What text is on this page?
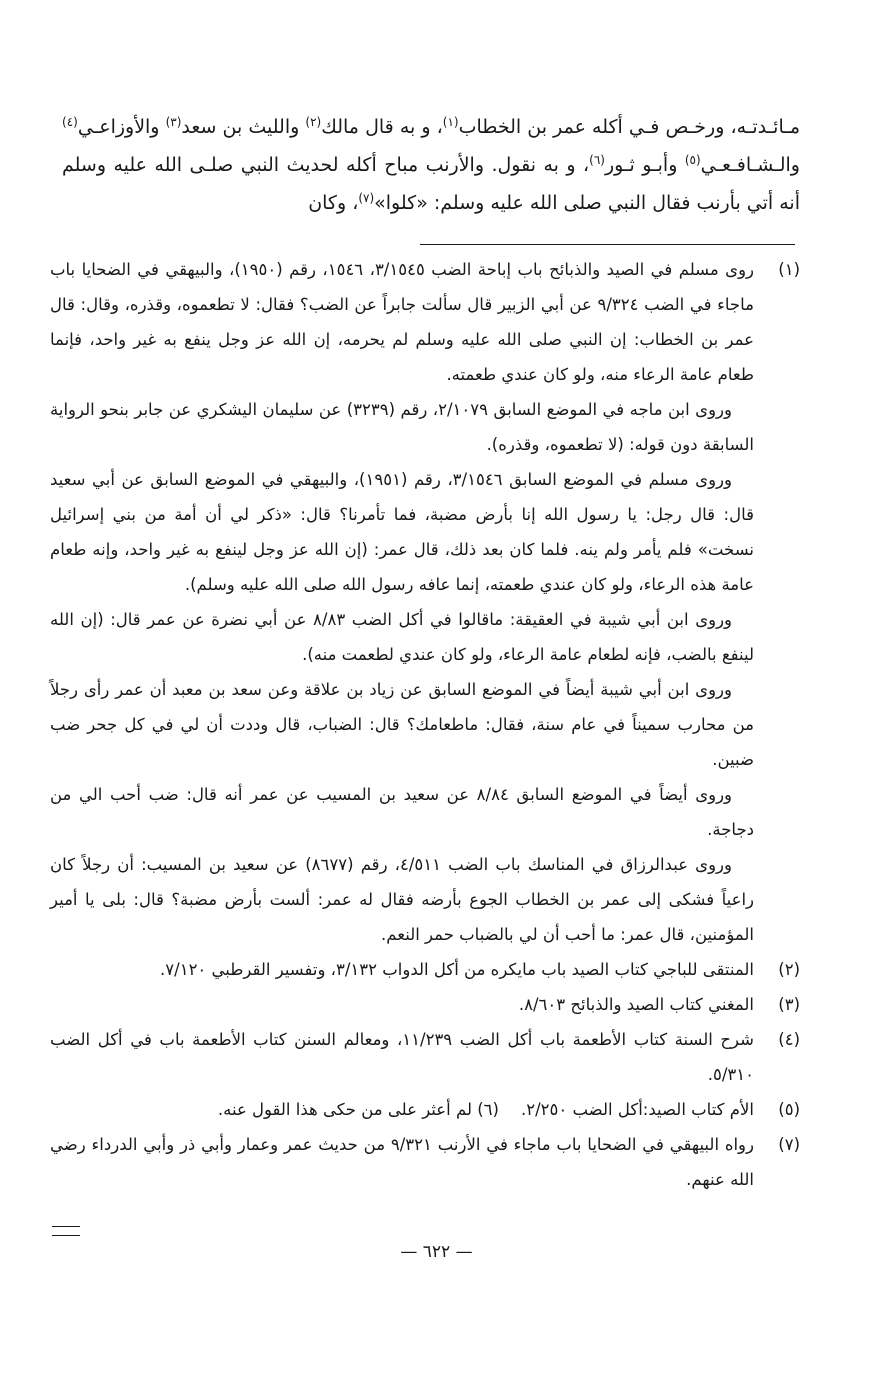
مـائـدتـه، ورخـص فـي أكله عمر بن الخطاب$^{(١)}$، و به قال مالك$^{(٢)}$ والليث بن سعد$^{(٣)}$ والأوزاعـي$^{(٤)}$ والـشـافـعـي$^{(٥)}$ وأبـو ثـور$^{(٦)}$، و به نقول. والأرنب مباح أكله لحديث النبي صلـى الله عليه وسلم أنه أتي بأرنب فقال النبي صلى الله عليه وسلم: «كلوا»$^{(٧)}$، وكان

(١)

روى مسلم في الصيد والذبائح باب إباحة الضب ٣/١٥٤٥، ١٥٤٦، رقم (١٩٥٠)، والبيهقي في الضحايا باب ماجاء في الضب ٩/٣٢٤ عن أبي الزبير قال سألت جابراً عن الضب؟ فقال: لا تطعموه، وقذره، وقال: قال عمر بن الخطاب: إن النبي صلى الله عليه وسلم لم يحرمه، إن الله عز وجل ينفع به غير واحد، فإنما طعام عامة الرعاء منه، ولو كان عندي طعمته.

وروى ابن ماجه في الموضع السابق ٢/١٠٧٩، رقم (٣٢٣٩) عن سليمان اليشكري عن جابر بنحو الرواية السابقة دون قوله: (لا تطعموه، وقذره).

وروى مسلم في الموضع السابق ٣/١٥٤٦، رقم (١٩٥١)، والبيهقي في الموضع السابق عن أبي سعيد قال: قال رجل: يا رسول الله إنا بأرض مضبة، فما تأمرنا؟ قال: «ذكر لي أن أمة من بني إسرائيل نسخت» فلم يأمر ولم ينه. فلما كان بعد ذلك، قال عمر: (إن الله عز وجل لينفع به غير واحد، وإنه طعام عامة هذه الرعاء، ولو كان عندي طعمته، إنما عافه رسول الله صلى الله عليه وسلم).

وروى ابن أبي شيبة في العقيقة: ماقالوا في أكل الضب ٨/٨٣ عن أبي نضرة عن عمر قال: (إن الله لينفع بالضب، فإنه لطعام عامة الرعاء، ولو كان عندي لطعمت منه).

وروى ابن أبي شيبة أيضاً في الموضع السابق عن زياد بن علاقة وعن سعد بن معبد أن عمر رأى رجلاً من محارب سميناً في عام سنة، فقال: ماطعامك؟ قال: الضباب، قال وددت أن لي في كل جحر ضب ضبين.

وروى أيضاً في الموضع السابق ٨/٨٤ عن سعيد بن المسيب عن عمر أنه قال: ضب أحب الي من دجاجة.

وروى عبدالرزاق في المناسك باب الضب ٤/٥١١، رقم (٨٦٧٧) عن سعيد بن المسيب: أن رجلاً كان راعياً فشكى إلى عمر بن الخطاب الجوع بأرضه فقال له عمر: ألست بأرض مضبة؟ قال: بلى يا أمير المؤمنين، قال عمر: ما أحب أن لي بالضباب حمر النعم.

(٢)

المنتقى للباجي كتاب الصيد باب مايكره من أكل الدواب ٣/١٣٢، وتفسير القرطبي ٧/١٢٠.

(٣)

المغني كتاب الصيد والذبائح ٨/٦٠٣.

(٤)

شرح السنة كتاب الأطعمة باب أكل الضب ١١/٢٣٩، ومعالم السنن كتاب الأطعمة باب في أكل الضب ٥/٣١٠.

(٥)

الأم كتاب الصيد:أكل الضب ٢/٢٥٠.(٦) لم أعثر على من حكى هذا القول عنه.

(٧)

رواه البيهقي في الضحايا باب ماجاء في الأرنب ٩/٣٢١ من حديث عمر وعمار وأبي ذر وأبي الدرداء رضي الله عنهم.

— ٦٢٢ —
